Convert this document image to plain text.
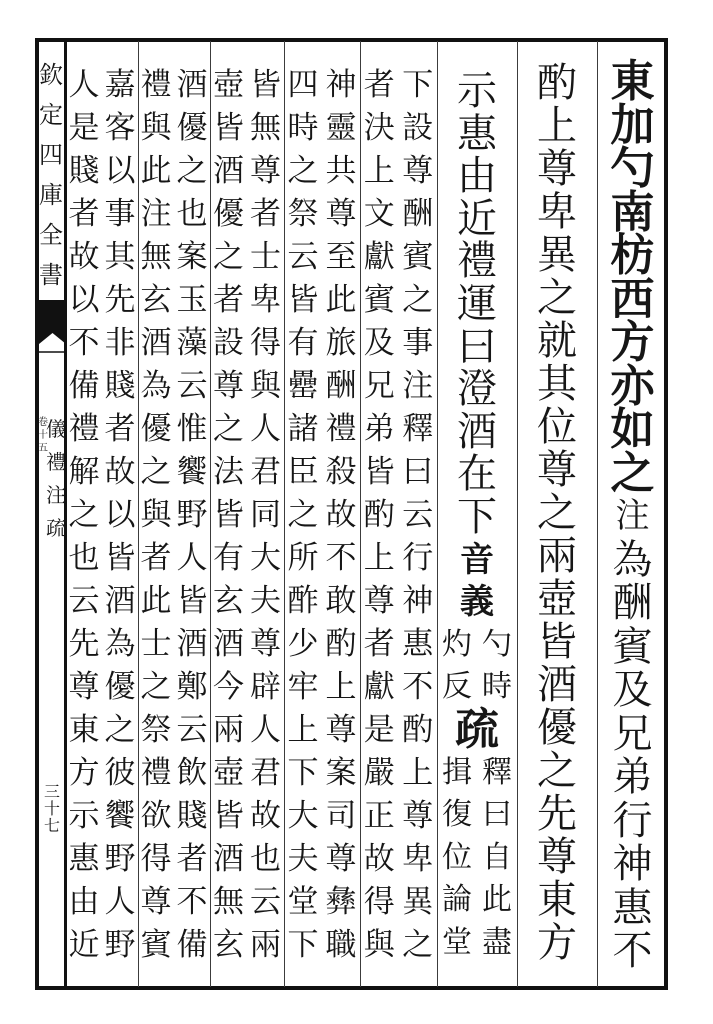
欽
定
四
庫
全
書
儀
禮
注
疏
卷
十
五
三
十
七
東
加
勺
南
枋
西
方
亦
如
之
注
為
酬
賓
及
兄
弟
行
神
惠
不
酌
上
尊
卑
異
之
就
其
位
尊
之
兩
壺
皆
酒
優
之
先
尊
東
方
示
惠
由
近
禮
運
曰
澄
酒
在
下
音
義
勺
時
灼
反
疏
釋
曰
自
此
盡
揖
復
位
論
堂
下
設
尊
酬
賓
之
事
注
釋
曰
云
行
神
惠
不
酌
上
尊
卑
異
之
者
決
上
文
獻
賓
及
兄
弟
皆
酌
上
尊
者
獻
是
嚴
正
故
得
與
神
靈
共
尊
至
此
旅
酬
禮
殺
故
不
敢
酌
上
尊
案
司
尊
彝
職
四
時
之
祭
云
皆
有
罍
諸
臣
之
所
酢
少
牢
上
下
大
夫
堂
下
皆
無
尊
者
士
卑
得
與
人
君
同
大
夫
尊
辟
人
君
故
也
云
兩
壺
皆
酒
優
之
者
設
尊
之
法
皆
有
玄
酒
今
兩
壺
皆
酒
無
玄
酒
優
之
也
案
玉
藻
云
惟
饗
野
人
皆
酒
鄭
云
飲
賤
者
不
備
禮
與
此
注
無
玄
酒
為
優
之
與
者
此
士
之
祭
禮
欲
得
尊
賓
嘉
客
以
事
其
先
非
賤
者
故
以
皆
酒
為
優
之
彼
饗
野
人
野
人
是
賤
者
故
以
不
備
禮
解
之
也
云
先
尊
東
方
示
惠
由
近
